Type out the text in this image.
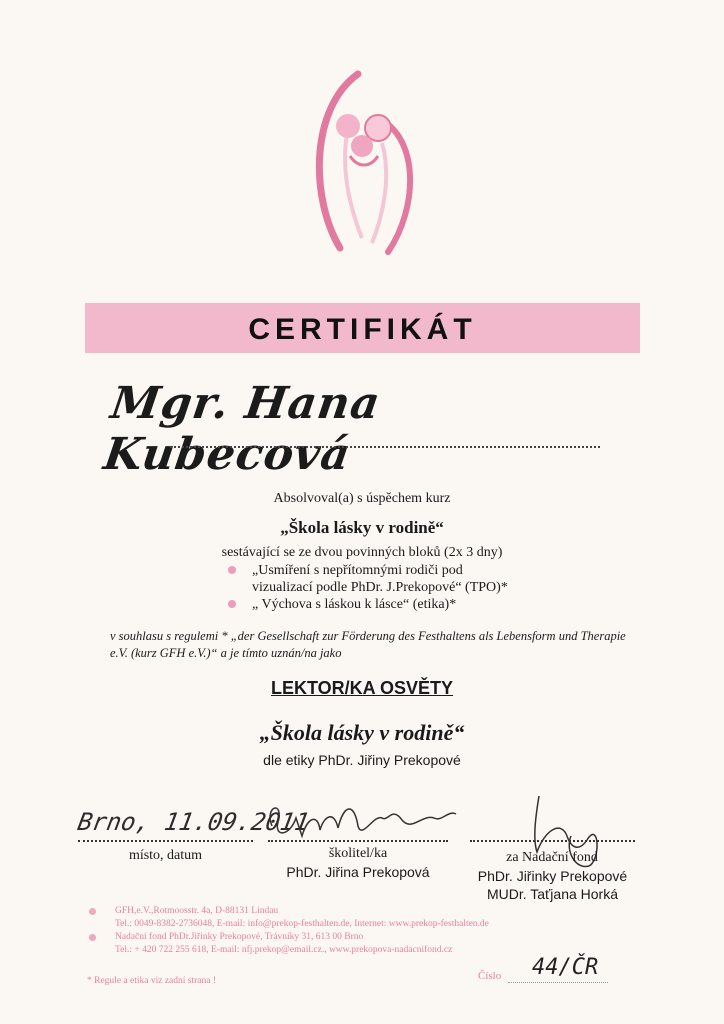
CERTIFIKÁT
Mgr. Hana Kubecová
Absolvoval(a) s úspěchem kurz
„Škola lásky v rodině“
sestávající se ze dvou povinných bloků (2x 3 dny)
„Usmíření s nepřítomnými rodiči pod
vizualizací podle PhDr. J.Prekopové“ (TPO)*
„ Výchova s láskou k lásce“ (etika)*
v souhlasu s regulemi * „der Gesellschaft zur Förderung des Festhaltens als Lebensform und Therapie e.V. (kurz GFH e.V.)“ a je tímto uznán/na jako
LEKTOR/KA OSVĚTY
„Škola lásky v rodině“
dle etiky PhDr. Jiřiny Prekopové
Brno, 11.09.2011
místo, datum	školitel/ka
PhDr. Jiřina Prekopová
za Nadační fond
PhDr. Jiřinky Prekopové
MUDr. Taťjana Horká
GFH,e.V.,Rotmoosstr. 4a, D-88131 Lindau
Tel.: 0049-8382-2736048, E-mail: info@prekop-festhalten.de, Internet: www.prekop-festhalten.de
Nadační fond PhDr.Jiřinky Prekopové, Trávníky 31, 613 00 Brno
Tel.: + 420 722 255 618, E-mail: nfj.prekop@email.cz., www.prekopova-nadacnifond.cz
* Regule a etika viz zadní strana !	Číslo 44/ČR
